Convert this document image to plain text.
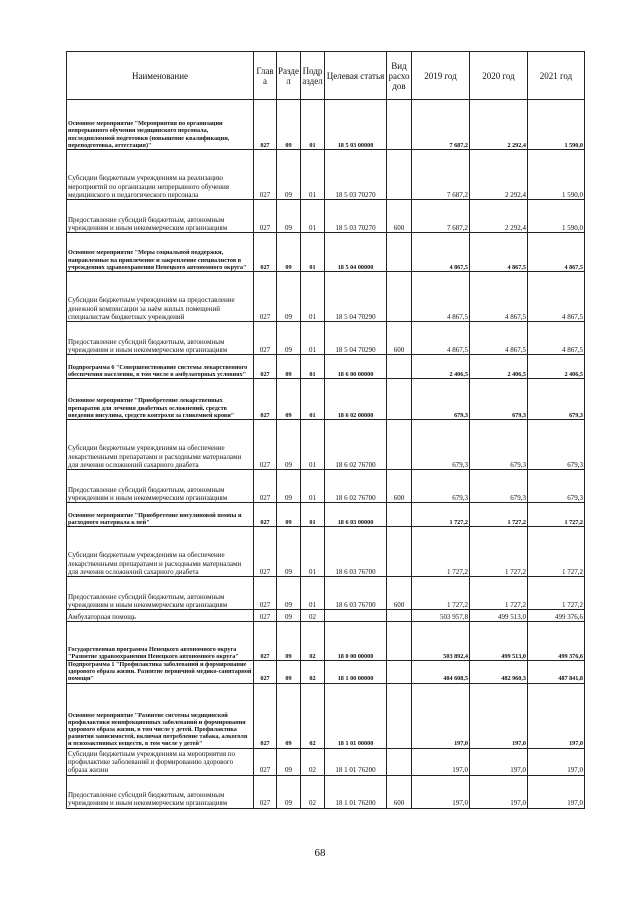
Наименование	Глав а	Разде л	Подр аздел	Целевая статья	Вид расхо дов	2019 год	2020 год	2021 год

Основное мероприятие "Мероприятия по организации непрерывного обучения медицинского персонала, последипломной подготовки (повышение квалификации, переподготовка, аттестация)"	027	09	01	18 5 03 00000		7 687,2	2 292,4	1 590,0

Субсидии бюджетным учреждениям на реализацию мероприятий по организации непрерывного обучения медицинского и педагогического персонала	027	09	01	18 5 03 70270		7 687,2	2 292,4	1 590,0

Предоставление субсидий бюджетным, автономным учреждениям и иным некоммерческим организациям	027	09	01	18 5 03 70270	600	7 687,2	2 292,4	1 590,0

Основное мероприятие "Меры социальной поддержки, направленные на привлечение и закрепление специалистов в учреждениях здравоохранения Ненецкого автономного округа"	027	09	01	18 5 04 00000		4 867,5	4 867,5	4 867,5

Субсидии бюджетным учреждениям на предоставление денежной компенсации за наём жилых помещений специалистам бюджетных учреждений	027	09	01	18 5 04 70290		4 867,5	4 867,5	4 867,5

Предоставление субсидий бюджетным, автономным учреждениям и иным некоммерческим организациям	027	09	01	18 5 04 70290	600	4 867,5	4 867,5	4 867,5

Подпрограмма 6 "Совершенствование системы лекарственного обеспечения населения, в том числе в амбулаторных условиях"	027	09	01	18 6 00 00000		2 406,5	2 406,5	2 406,5

Основное мероприятие "Приобретение лекарственных препаратов для лечения диабетных осложнений, средств введения инсулина, средств контроля за гликемией крови"	027	09	01	18 6 02 00000		679,3	679,3	679,3

Субсидии бюджетным учреждениям на обеспечение лекарственными препаратами и расходными материалами для лечения осложнений сахарного диабета	027	09	01	18 6 02 76700		679,3	679,3	679,3

Предоставление субсидий бюджетным, автономным учреждениям и иным некоммерческим организациям	027	09	01	18 6 02 76700	600	679,3	679,3	679,3

Основное мероприятие "Приобретение инсулиновой помпы и расходного материала к ней"	027	09	01	18 6 03 00000		1 727,2	1 727,2	1 727,2

Субсидии бюджетным учреждениям на обеспечение лекарственными препаратами и расходными материалами для лечения осложнений сахарного диабета	027	09	01	18 6 03 76700		1 727,2	1 727,2	1 727,2

Предоставление субсидий бюджетным, автономным учреждениям и иным некоммерческим организациям	027	09	01	18 6 03 76700	600	1 727,2	1 727,2	1 727,2

Амбулаторная помощь	027	09	02			503 957,8	499 513,0	499 376,6

Государственная программа Ненецкого автономного округа "Развитие здравоохранения Ненецкого автономного округа"	027	09	02	18 0 00 00000		503 892,4	499 513,0	499 376,6

Подпрограмма 1 "Профилактика заболеваний и формирование здорового образа жизни. Развитие первичной медико-санитарной помощи"	027	09	02	18 1 00 00000		484 608,5	482 960,3	487 841,8

Основное мероприятие "Развитие системы медицинской профилактики неинфекционных заболеваний и формирования здорового образа жизни, в том числе у детей. Профилактика развития зависимостей, включая потребление табака, алкоголя и психоактивных веществ, в том числе у детей"	027	09	02	18 1 01 00000		197,0	197,0	197,0

Субсидии бюджетным учреждениям на мероприятия по профилактике заболеваний и формированию здорового образа жизни	027	09	02	18 1 01 76200		197,0	197,0	197,0

Предоставление субсидий бюджетным, автономным учреждениям и иным некоммерческим организациям	027	09	02	18 1 01 76200	600	197,0	197,0	197,0
68
